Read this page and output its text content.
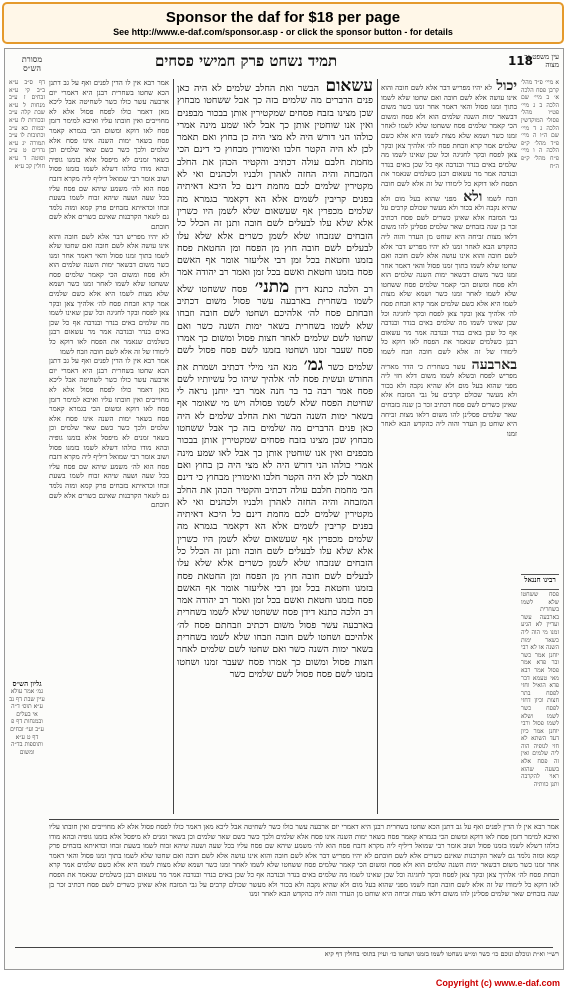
Sponsor the daf for $18 per page
See http://www.e-daf.com/sponsor.asp - or click the sponsor button - for details
מסורת הש״ס	תמיד נשחט פרק חמישי פסחים	118
עין משפט נר מצוה
דף ס״ב ע״א ב״ב קי ע״א זבחים ז ע״ב מנחות ל ע״א שבת קלה ע״ב ובכורות לז ע״א יבמות כא ע״ב וכתובות לו ע״ב תמורה יג ע״א נדרים ט ע״ב וסוטה ד ע״א חולין קכ ע״א
גליון הש״ס
גמ׳ אמר עולא עיין שבת דף נב ע״א תוס׳ ד״ה אי בעלים ובמנחות דף פ ע״ב ועי׳ זבחים דף ט ע״א ותוספות בד״ה ומשום
אמר רבא אין לו הדין לפנים ואף על גב דתנן הכא שחטו בשחרית רבנן היא דאמרי יום ארבעה עשר כולו כשר לשחיטה אבל ליכא מאן דאמר כולו לפסח פסול אלא לא מחוייבים ואין חובתו עליו ואיכא למימר דזמן פסח לאו דוקא ומשום הכי בגמרא קאמר פסח בשאר ימות השנה אינו פסח אלא שלמים ולכך כשר כשם שאר שלמים וכן בשאר זמנים לא מיפסל אלא בזמנו גופיה ובהא מודו כולהו דשלא לשמו בזמנו פסול ושוב אומר רבי שמואל דיליף ליה מקרא דזבח פסח הוא לה׳ משמע שיהא שם פסח עליו בכל שעה ושעה שיהא זבוח לשמו בשעת זבחו וכדאיתא בזבחים פרק קמא ומזה נלמד גם לשאר הקרבנות שאינם כשרים אלא לשם חובתם
לא יהיו מפריש דבר אלא לשם חובה והוא אינו עושה אלא לשם חובה ואם שחטו שלא לשמו בתוך זמנו פסול והאי דאמר אחר זמנו כשר משום דבשאר ימות השנה שלמים הוא ולא פסח ומשום הכי קאמר שלמים פסח ששחטו שלא לשמו לאחר זמנו כשר ושמא שלא מצות לשמו היא אלא כשם שלמים אמר קרא וזבחת פסח לה׳ אלהיך צאן ובקר צאן לפסח ובקר לחגיגה וכל שכן שאינו לשמו מה שלמים באים בנדר ובנדבה אף כל שכן באים בנדר ובנדבה אמר מר עשאום רבנן כשלמים שנאמר את הפסח לאו דוקא כל לימודו של זה אלא לשם חובה וזבח לשמו
אמר רבא אין לו הדין לפנים ואף על גב דתנן הכא שחטו בשחרית רבנן היא דאמרי יום ארבעה עשר כולו כשר לשחיטה אבל ליכא מאן דאמר כולו לפסח פסול אלא לא מחוייבים ואין חובתו עליו ואיכא למימר דזמן פסח לאו דוקא ומשום הכי בגמרא קאמר פסח בשאר ימות השנה אינו פסח אלא שלמים ולכך כשר כשם שאר שלמים וכן בשאר זמנים לא מיפסל אלא בזמנו גופיה ובהא מודו כולהו דשלא לשמו בזמנו פסול ושוב אומר רבי שמואל דיליף ליה מקרא דזבח פסח הוא לה׳ משמע שיהא שם פסח עליו בכל שעה ושעה שיהא זבוח לשמו בשעת זבחו וכדאיתא בזבחים פרק קמא ומזה נלמד גם לשאר הקרבנות שאינם כשרים אלא לשם חובתם
עשאום הבשר ואת החלב שלמים לא היה כאן פנים הדברים מה שלמים בזה כך אבל ששחטו מבחוץ שכן מצינו בזבח פסחים שמקטירין אותן בבכור מבפנים ואין אנו שוחטין אותן כך אבל לאו שמע מינה אמרי כולהו הני דורש היה לא מצי היה כן בחוץ ואם תאמר לכן לא היה הקטר חלבו ואימורין מבחוץ כי דינם הכי מחמת חלבם עולה דכתיב והקטיר הכהן את החלב המזבחה והיה החזה לאהרן ולבניו ולכהנים ואי לא מקטירין שלמים לכם מחמת דינם כל היכא דאיתיה בפנים קריבין לשמים אלא הא דקאמר בגמרא מה שלמים מכפרין אף שעשאום שלא לשמן היו כשרין אלא שלא עלו לבעלים לשם חובה ותנן זה הכלל כל הזבחים שנזבחו שלא לשמן כשרים אלא שלא עלו לבעלים לשם חובה חוץ מן הפסח ומן החטאת פסח בזמנו וחטאת בכל זמן רבי אליעזר אומר אף האשם פסח בזמנו וחטאת ואשם בכל זמן ואמר רב יהודה אמר רב הלכה כתנא דידן מתני׳ פסח ששחטו שלא לשמו בשחרית בארבעה עשר פסול משום דכתיב וזבחתם פסח לה׳ אלהיכם ושחטו לשם חובה וזבחו שלא לשמו בשחרית בשאר ימות השנה כשר ואם שחטו לשם שלמים לאחר חצות פסול ומשום כך אמרו פסח שעבר זמנו ושחטו בזמנו לשם פסח פסול לשם שלמים כשר גמ׳ מנא הני מילי דכתיב ושמרת את החודש ועשית פסח לה׳ אלהיך שיהו כל עשיותיו לשם פסח אמר רבה בר בר חנה אמר רבי יוחנן נראה לי שחיטת הפסח שלא לשמו פסולה ויש מי שאומר אף בשאר ימות השנה הבשר ואת החלב שלמים לא היה כאן פנים הדברים מה שלמים בזה כך אבל ששחטו מבחוץ שכן מצינו בזבח פסחים שמקטירין אותן בבכור מבפנים ואין אנו שוחטין אותן כך אבל לאו שמע מינה אמרי כולהו הני דורש היה לא מצי היה כן בחוץ ואם תאמר לכן לא היה הקטר חלבו ואימורין מבחוץ כי דינם הכי מחמת חלבם עולה דכתיב והקטיר הכהן את החלב המזבחה והיה החזה לאהרן ולבניו ולכהנים ואי לא מקטירין שלמים לכם מחמת דינם כל היכא דאיתיה בפנים קריבין לשמים אלא הא דקאמר בגמרא מה שלמים מכפרין אף שעשאום שלא לשמן היו כשרין אלא שלא עלו לבעלים לשם חובה ותנן זה הכלל כל הזבחים שנזבחו שלא לשמן כשרים אלא שלא עלו לבעלים לשם חובה חוץ מן הפסח ומן החטאת פסח בזמנו וחטאת בכל זמן רבי אליעזר אומר אף האשם פסח בזמנו וחטאת ואשם בכל זמן ואמר רב יהודה אמר רב הלכה כתנא דידן פסח ששחטו שלא לשמו בשחרית בארבעה עשר פסול משום דכתיב וזבחתם פסח לה׳ אלהיכם ושחטו לשם חובה וזבחו שלא לשמו בשחרית בשאר ימות השנה כשר ואם שחטו לשם שלמים לאחר חצות פסול ומשום כך אמרו פסח שעבר זמנו ושחטו בזמנו לשם פסח פסול לשם שלמים כשר
יכול לא יהיו מפריש דבר אלא לשם חובה והוא אינו עושה אלא לשם חובה ואם שחטו שלא לשמו בתוך זמנו פסול והאי דאמר אחר זמנו כשר משום דבשאר ימות השנה שלמים הוא ולא פסח ומשום הכי קאמר שלמים פסח ששחטו שלא לשמו לאחר זמנו כשר ושמא שלא מצות לשמו היא אלא כשם שלמים אמר קרא וזבחת פסח לה׳ אלהיך צאן ובקר צאן לפסח ובקר לחגיגה וכל שכן שאינו לשמו מה שלמים באים בנדר ובנדבה אף כל שכן באים בנדר ובנדבה אמר מר עשאום רבנן כשלמים שנאמר את הפסח לאו דוקא כל לימודו של זה אלא לשם חובה וזבח לשמו ולא מפני שהוא בעל מום ולא שהיא נקבה ולא בכור ולא מעשר שכולם קרבים על גבי המזבח אלא שאינן כשרים לשם פסח דכתיב זכר בן שנה בזבחים שאר שלמים פסלינן להו משום דלאו מצות זביחה היא שוחט מן העדר והוה ליה כהקדש הבא לאחר זמנו לא יהיו מפריש דבר אלא לשם חובה והוא אינו עושה אלא לשם חובה ואם שחטו שלא לשמו בתוך זמנו פסול והאי דאמר אחר זמנו כשר משום דבשאר ימות השנה שלמים הוא ולא פסח ומשום הכי קאמר שלמים פסח ששחטו שלא לשמו לאחר זמנו כשר ושמא שלא מצות לשמו היא אלא כשם שלמים אמר קרא וזבחת פסח לה׳ אלהיך צאן ובקר צאן לפסח ובקר לחגיגה וכל שכן שאינו לשמו מה שלמים באים בנדר ובנדבה אף כל שכן באים בנדר ובנדבה אמר מר עשאום רבנן כשלמים שנאמר את הפסח לאו דוקא כל לימודו של זה אלא לשם חובה וזבח לשמו בארבעה עשר בשחרית כי הדר מאריה מפריש לפסח ובשלא לשמו משום דלא חזי ליה מפני שהוא בעל מום ולא שהיא נקבה ולא בכור ולא מעשר שכולם קרבים על גבי המזבח אלא שאינן כשרים לשם פסח דכתיב זכר בן שנה בזבחים שאר שלמים פסלינן להו משום דלאו מצות זביחה היא שוחט מן העדר והוה ליה כהקדש הבא לאחר זמנו
א מיי׳ פ״ד מהל׳ קרבן פסח הלכה א׳ ב מיי׳ שם הלכה ב ג מיי׳ פט״ו מהל׳ פסולי המוקדשין הלכה ג ד מיי׳ שם ה״ו ה מיי׳ פ״ד מהל׳ ק״פ הלכה ה ו מיי׳ פ״ח מהל׳ ק״פ ה״ח
רבינו חננאל
פסח ששחטו שלא לשמו בשחרית בארבעה עשר ועדיין לא הגיע זמנו מי הוה ליה כשאר ימות השנה או לא רבי יוחנן אמר כשר ובר פדא אמר פסול אמר רבא מאי טעמא דבר פדא הואיל וחזי לפסח בתר חצות וכיון דחזי לפסח כשר לשמו ושלא לשמו פסול ורבי יוחנן אמר כיון דעד השתא לא חזי לגופיה הוה ליה שלמים ואין זה פסח אלא בשעה שהוא ראוי להקרבה ותנן כוותיה
אמר רבא אין לו הדין לפנים ואף על גב דתנן הכא שחטו בשחרית רבנן היא דאמרי יום ארבעה עשר כולו כשר לשחיטה אבל ליכא מאן דאמר כולו לפסח פסול אלא לא מחוייבים ואין חובתו עליו ואיכא למימר דזמן פסח לאו דוקא ומשום הכי בגמרא קאמר פסח בשאר ימות השנה אינו פסח אלא שלמים ולכך כשר כשם שאר שלמים וכן בשאר זמנים לא מיפסל אלא בזמנו גופיה ובהא מודו כולהו דשלא לשמו בזמנו פסול ושוב אומר רבי שמואל דיליף ליה מקרא דזבח פסח הוא לה׳ משמע שיהא שם פסח עליו בכל שעה ושעה שיהא זבוח לשמו בשעת זבחו וכדאיתא בזבחים פרק קמא ומזה נלמד גם לשאר הקרבנות שאינם כשרים אלא לשם חובתם לא יהיו מפריש דבר אלא לשם חובה והוא אינו עושה אלא לשם חובה ואם שחטו שלא לשמו בתוך זמנו פסול והאי דאמר אחר זמנו כשר משום דבשאר ימות השנה שלמים הוא ולא פסח ומשום הכי קאמר שלמים פסח ששחטו שלא לשמו לאחר זמנו כשר ושמא שלא מצות לשמו היא אלא כשם שלמים אמר קרא וזבחת פסח לה׳ אלהיך צאן ובקר צאן לפסח ובקר לחגיגה וכל שכן שאינו לשמו מה שלמים באים בנדר ובנדבה אף כל שכן באים בנדר ובנדבה אמר מר עשאום רבנן כשלמים שנאמר את הפסח לאו דוקא כל לימודו של זה אלא לשם חובה וזבח לשמו מפני שהוא בעל מום ולא שהיא נקבה ולא בכור ולא מעשר שכולם קרבים על גבי המזבח אלא שאינן כשרים לשם פסח דכתיב זכר בן שנה בזבחים שאר שלמים פסלינן להו משום דלאו מצות זביחה היא שוחט מן העדר והוה ליה כהקדש הבא לאחר זמנו
רש״י וא״ת ונוכלם ונוכם כו׳ כשר ומ״ש נשחטו לשמו בזמנו ושחטו כו׳ ועיין בתוס׳ בחולין דף קיא
Copyright (c) www.e-daf.com
